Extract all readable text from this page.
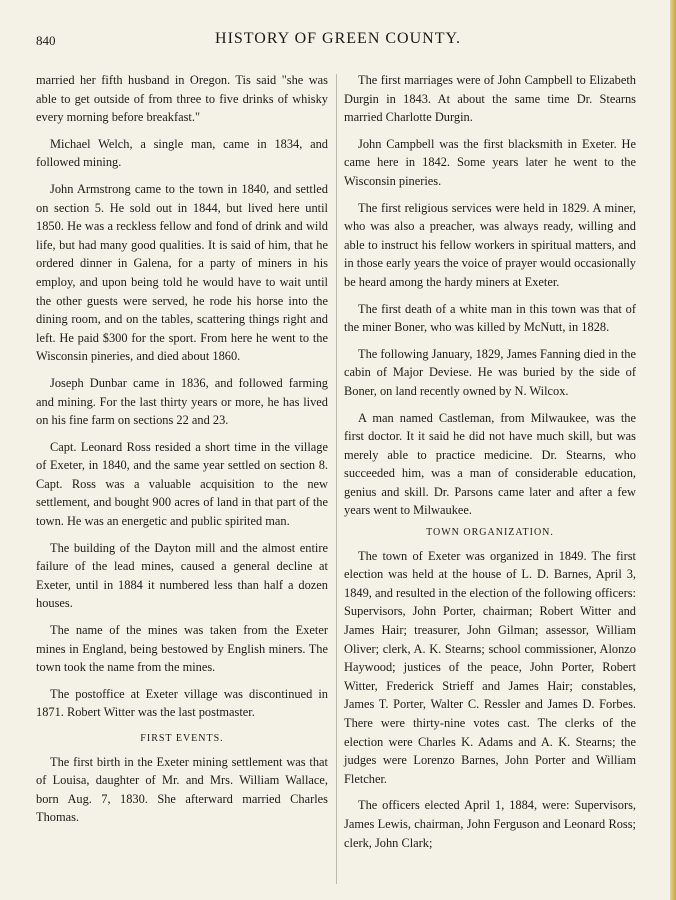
840	HISTORY OF GREEN COUNTY.

married her fifth husband in Oregon. Tis said "she was able to get outside of from three to five drinks of whisky every morning before breakfast."

Michael Welch, a single man, came in 1834, and followed mining.

John Armstrong came to the town in 1840, and settled on section 5. He sold out in 1844, but lived here until 1850. He was a reckless fellow and fond of drink and wild life, but had many good qualities. It is said of him, that he ordered dinner in Galena, for a party of miners in his employ, and upon being told he would have to wait until the other guests were served, he rode his horse into the dining room, and on the tables, scattering things right and left. He paid $300 for the sport. From here he went to the Wisconsin pineries, and died about 1860.

Joseph Dunbar came in 1836, and followed farming and mining. For the last thirty years or more, he has lived on his fine farm on sections 22 and 23.

Capt. Leonard Ross resided a short time in the village of Exeter, in 1840, and the same year settled on section 8. Capt. Ross was a valuable acquisition to the new settlement, and bought 900 acres of land in that part of the town. He was an energetic and public spirited man.

The building of the Dayton mill and the almost entire failure of the lead mines, caused a general decline at Exeter, until in 1884 it numbered less than half a dozen houses.

The name of the mines was taken from the Exeter mines in England, being bestowed by English miners. The town took the name from the mines.

The postoffice at Exeter village was discontinued in 1871. Robert Witter was the last postmaster.

FIRST EVENTS.

The first birth in the Exeter mining settlement was that of Louisa, daughter of Mr. and Mrs. William Wallace, born Aug. 7, 1830. She afterward married Charles Thomas.

The first marriages were of John Campbell to Elizabeth Durgin in 1843. At about the same time Dr. Stearns married Charlotte Durgin.

John Campbell was the first blacksmith in Exeter. He came here in 1842. Some years later he went to the Wisconsin pineries.

The first religious services were held in 1829. A miner, who was also a preacher, was always ready, willing and able to instruct his fellow workers in spiritual matters, and in those early years the voice of prayer would occasionally be heard among the hardy miners at Exeter.

The first death of a white man in this town was that of the miner Boner, who was killed by McNutt, in 1828.

The following January, 1829, James Fanning died in the cabin of Major Deviese. He was buried by the side of Boner, on land recently owned by N. Wilcox.

A man named Castleman, from Milwaukee, was the first doctor. It it said he did not have much skill, but was merely able to practice medicine. Dr. Stearns, who succeeded him, was a man of considerable education, genius and skill. Dr. Parsons came later and after a few years went to Milwaukee.

TOWN ORGANIZATION.

The town of Exeter was organized in 1849. The first election was held at the house of L. D. Barnes, April 3, 1849, and resulted in the election of the following officers: Supervisors, John Porter, chairman; Robert Witter and James Hair; treasurer, John Gilman; assessor, William Oliver; clerk, A. K. Stearns; school commissioner, Alonzo Haywood; justices of the peace, John Porter, Robert Witter, Frederick Strieff and James Hair; constables, James T. Porter, Walter C. Ressler and James D. Forbes. There were thirty-nine votes cast. The clerks of the election were Charles K. Adams and A. K. Stearns; the judges were Lorenzo Barnes, John Porter and William Fletcher.

The officers elected April 1, 1884, were: Supervisors, James Lewis, chairman, John Ferguson and Leonard Ross; clerk, John Clark;
